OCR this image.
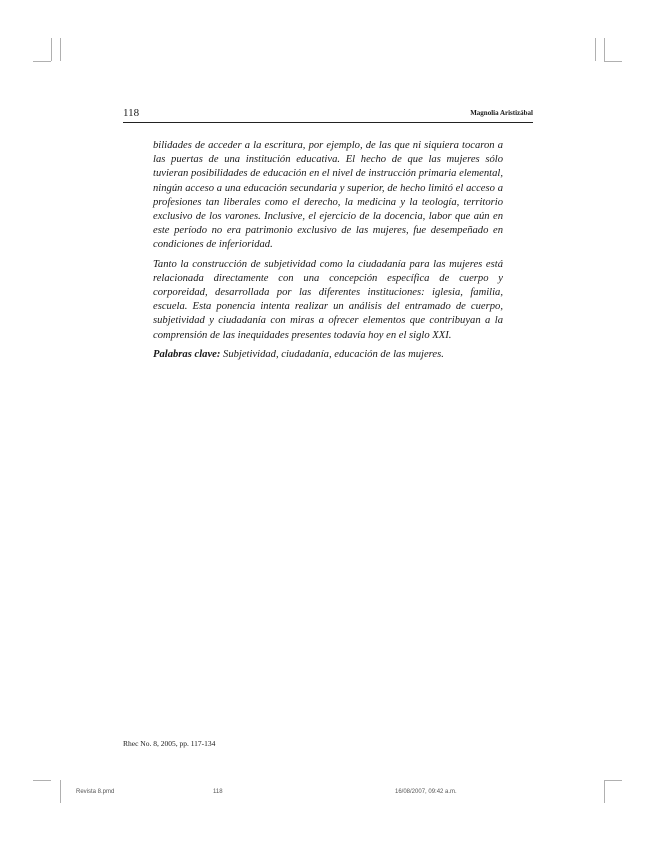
118	Magnolia Aristizábal

bilidades de acceder a la escritura, por ejemplo, de las que ni siquiera tocaron a las puertas de una institución educativa. El hecho de que las mujeres sólo tuvieran posibilidades de educación en el nivel de instrucción primaria elemental, ningún acceso a una educación secundaria y superior, de hecho limitó el acceso a profesiones tan liberales como el derecho, la medicina y la teología, territorio exclusivo de los varones. Inclusive, el ejercicio de la docencia, labor que aún en este período no era patrimonio exclusivo de las mujeres, fue desempeñado en condiciones de inferioridad.

Tanto la construcción de subjetividad como la ciudadanía para las mujeres está relacionada directamente con una concepción específica de cuerpo y corporeidad, desarrollada por las diferentes instituciones: iglesia, familia, escuela. Esta ponencia intenta realizar un análisis del entramado de cuerpo, subjetividad y ciudadanía con miras a ofrecer elementos que contribuyan a la comprensión de las inequidades presentes todavía hoy en el siglo XXI.

Palabras clave: Subjetividad, ciudadanía, educación de las mujeres.

Rhec No. 8, 2005, pp. 117-134
Revista 8.pmd	118	16/08/2007, 09:42 a.m.
